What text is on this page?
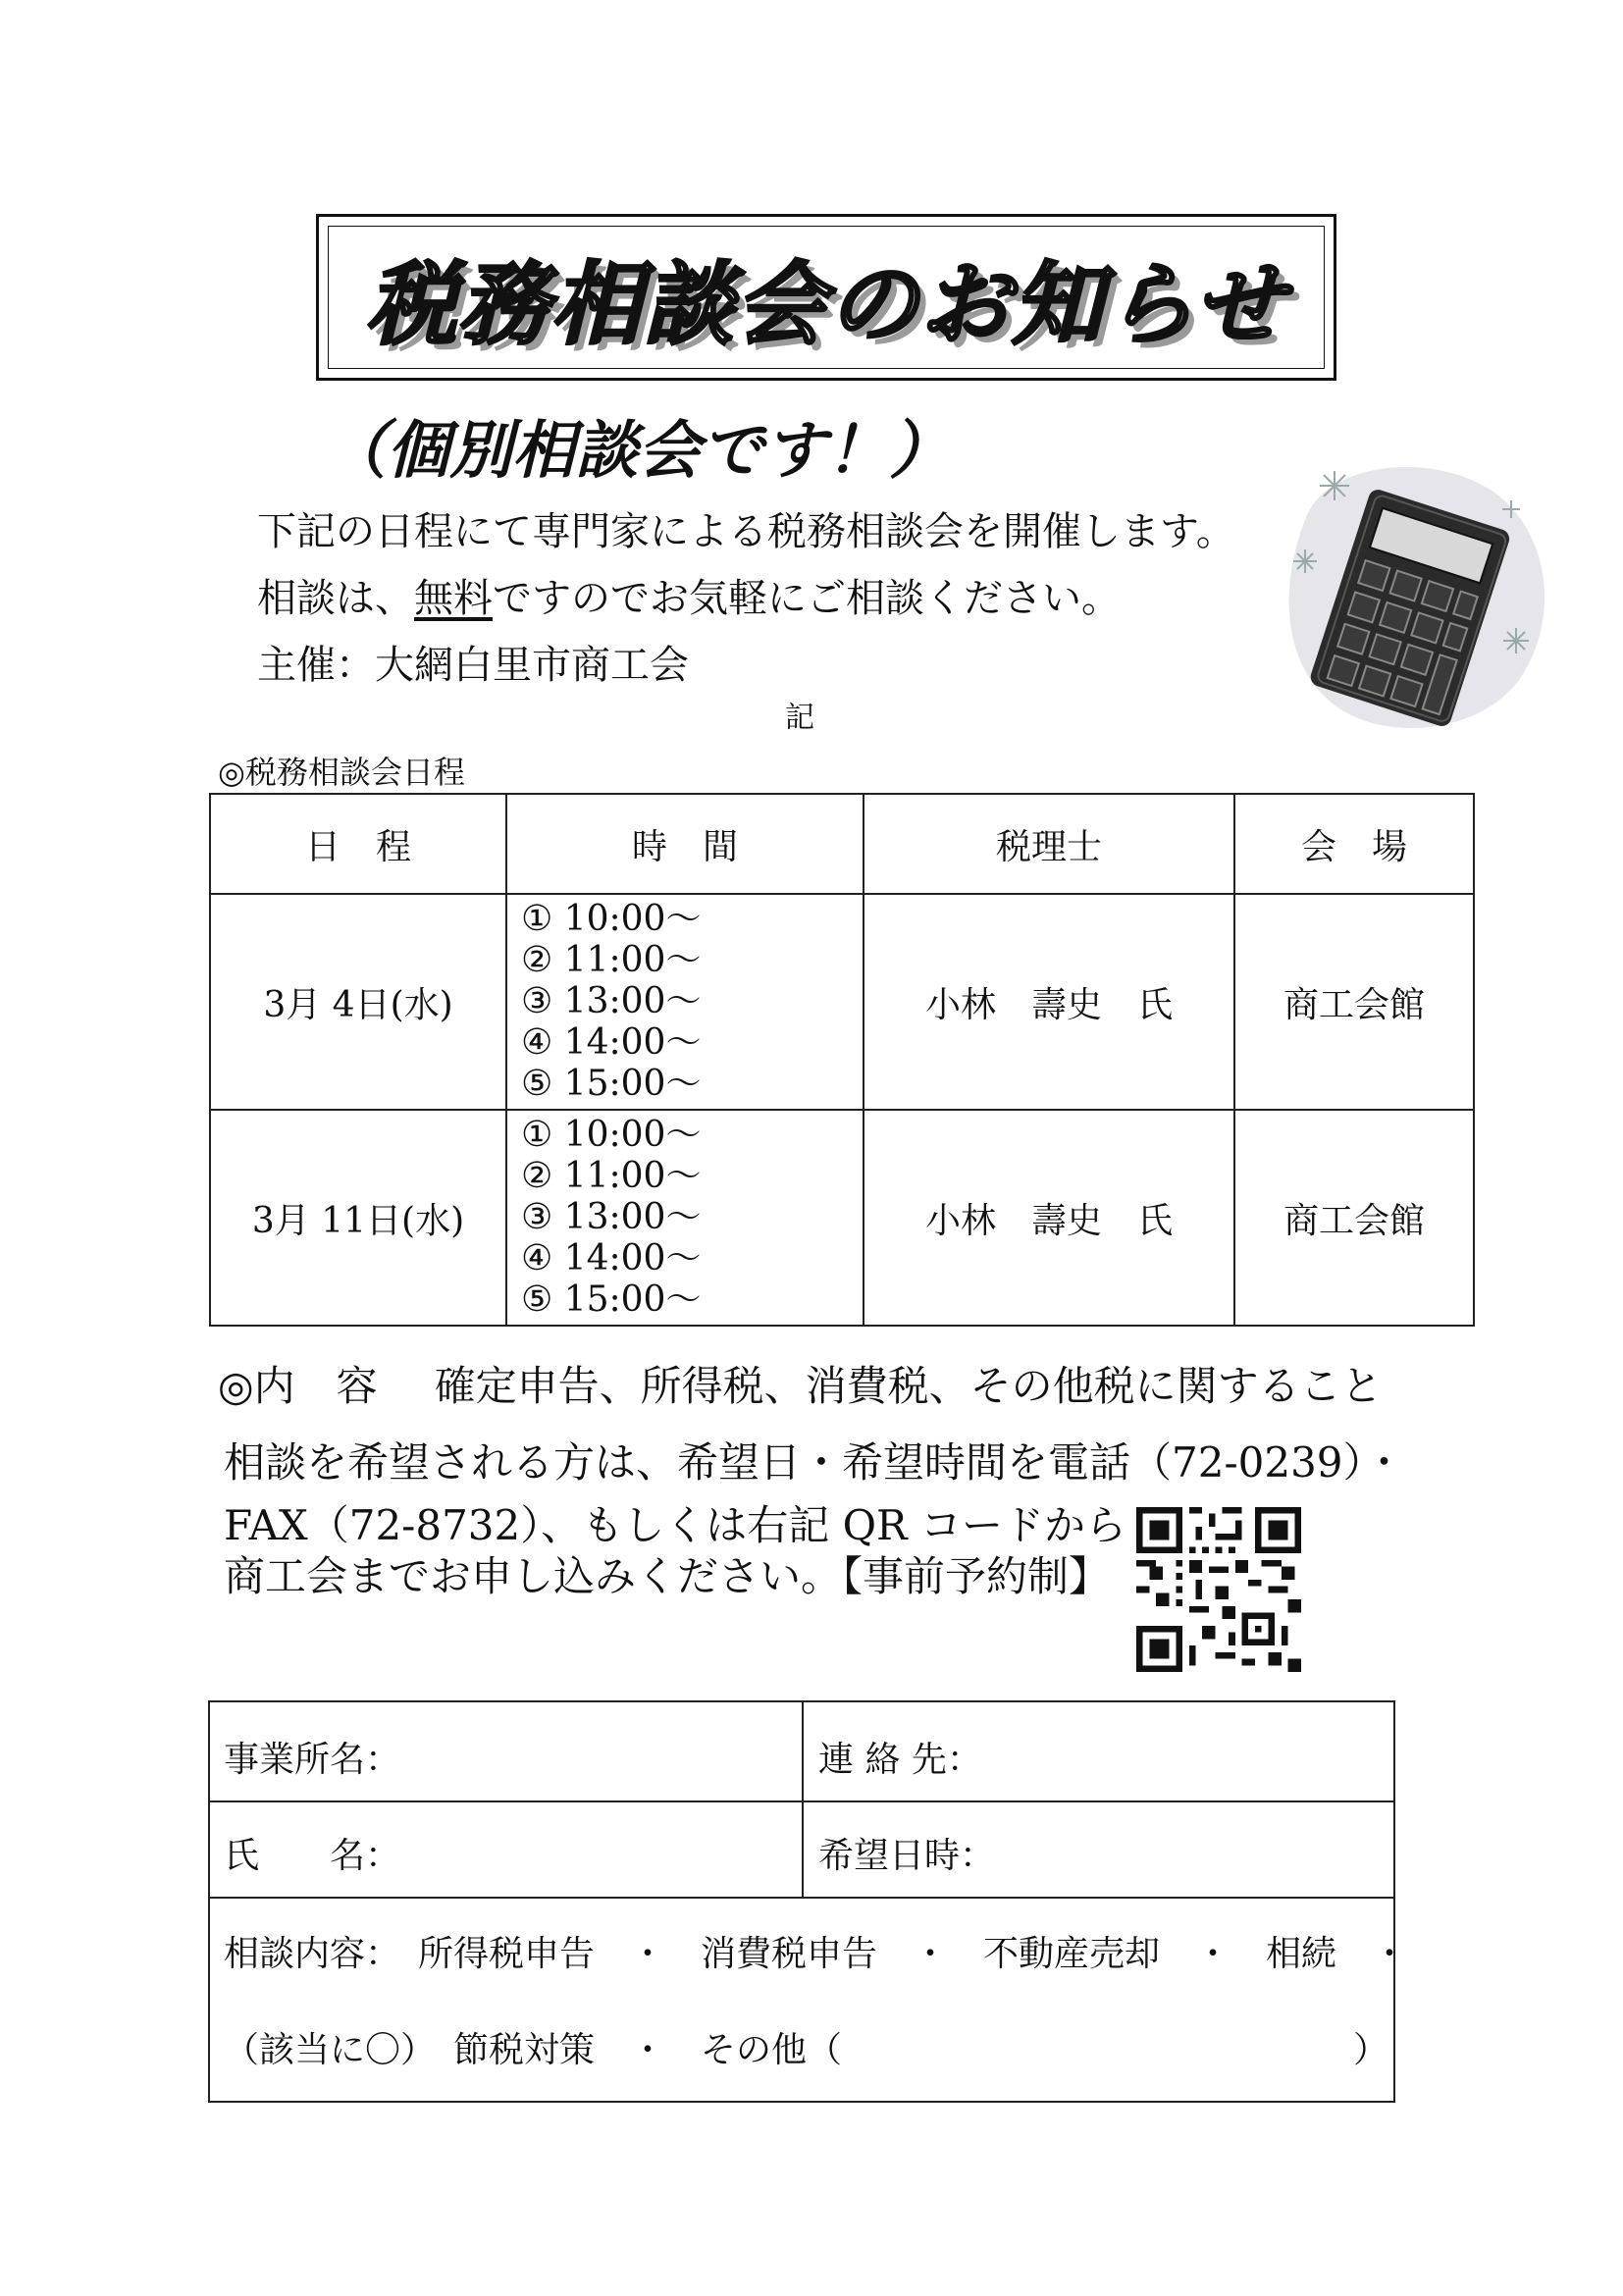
税務相談会のお知らせ
（個別相談会です！）
下記の日程にて専門家による税務相談会を開催します。
相談は、無料ですのでお気軽にご相談ください。
主催：大網白里市商工会
記
◎税務相談会日程
日　程	時　間	税理士	会　場
3月 4日(水)	① 10:00～
② 11:00～
③ 13:00～
④ 14:00～
⑤ 15:00～	小林　壽史　氏	商工会館
3月 11日(水)	① 10:00～
② 11:00～
③ 13:00～
④ 14:00～
⑤ 15:00～	小林　壽史　氏	商工会館
◎内　容 確定申告、所得税、消費税、その他税に関すること
相談を希望される方は、希望日・希望時間を電話（72-0239）・
FAX（72-8732）、もしくは右記 QR コードから
商工会までお申し込みください。【事前予約制】
事業所名：	連 絡 先：
氏　　名：	希望日時：
相談内容：　所得税申告　・　消費税申告　・　不動産売却　・　相続　・
（該当に〇）　節税対策　・　その他（	）
